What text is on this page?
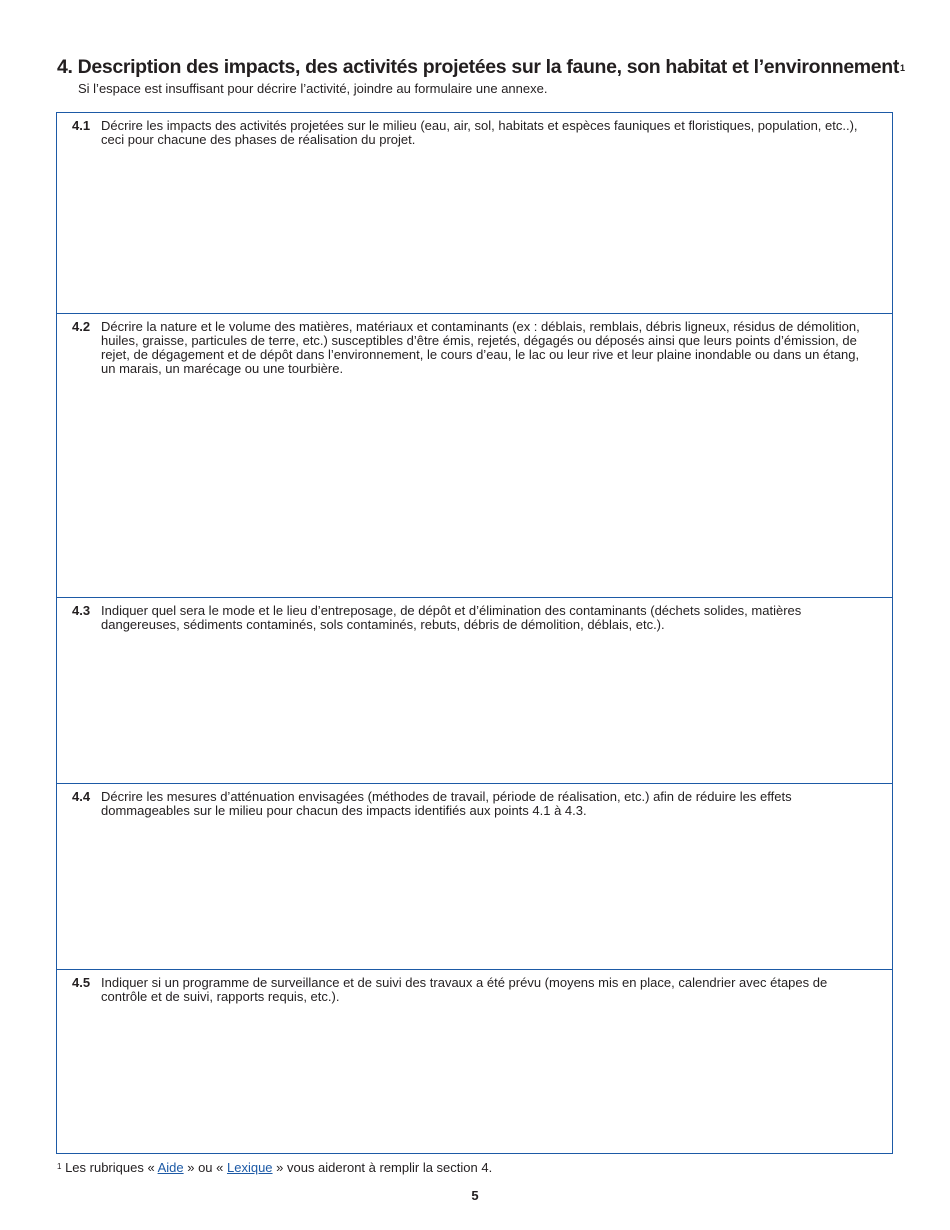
4. Description des impacts, des activités projetées sur la faune, son habitat et l’environnement$^1$

Si l’espace est insuffisant pour décrire l’activité, joindre au formulaire une annexe.

4.1 Décrire les impacts des activités projetées sur le milieu (eau, air, sol, habitats et espèces fauniques et floristiques, population, etc..), ceci pour chacune des phases de réalisation du projet.
4.2 Décrire la nature et le volume des matières, matériaux et contaminants (ex : déblais, remblais, débris ligneux, résidus de démolition, huiles, graisse, particules de terre, etc.) susceptibles d’être émis, rejetés, dégagés ou déposés ainsi que leurs points d’émission, de rejet, de dégagement et de dépôt dans l’environnement, le cours d’eau, le lac ou leur rive et leur plaine inondable ou dans un étang, un marais, un marécage ou une tourbière.
4.3 Indiquer quel sera le mode et le lieu d’entreposage, de dépôt et d’élimination des contaminants (déchets solides, matières dangereuses, sédiments contaminés, sols contaminés, rebuts, débris de démolition, déblais, etc.).
4.4 Décrire les mesures d’atténuation envisagées (méthodes de travail, période de réalisation, etc.) afin de réduire les effets dommageables sur le milieu pour chacun des impacts identifiés aux points 4.1 à 4.3.
4.5 Indiquer si un programme de surveillance et de suivi des travaux a été prévu (moyens mis en place, calendrier avec étapes de contrôle et de suivi, rapports requis, etc.).

$^1$ Les rubriques « Aide » ou « Lexique » vous aideront à remplir la section 4.

5
